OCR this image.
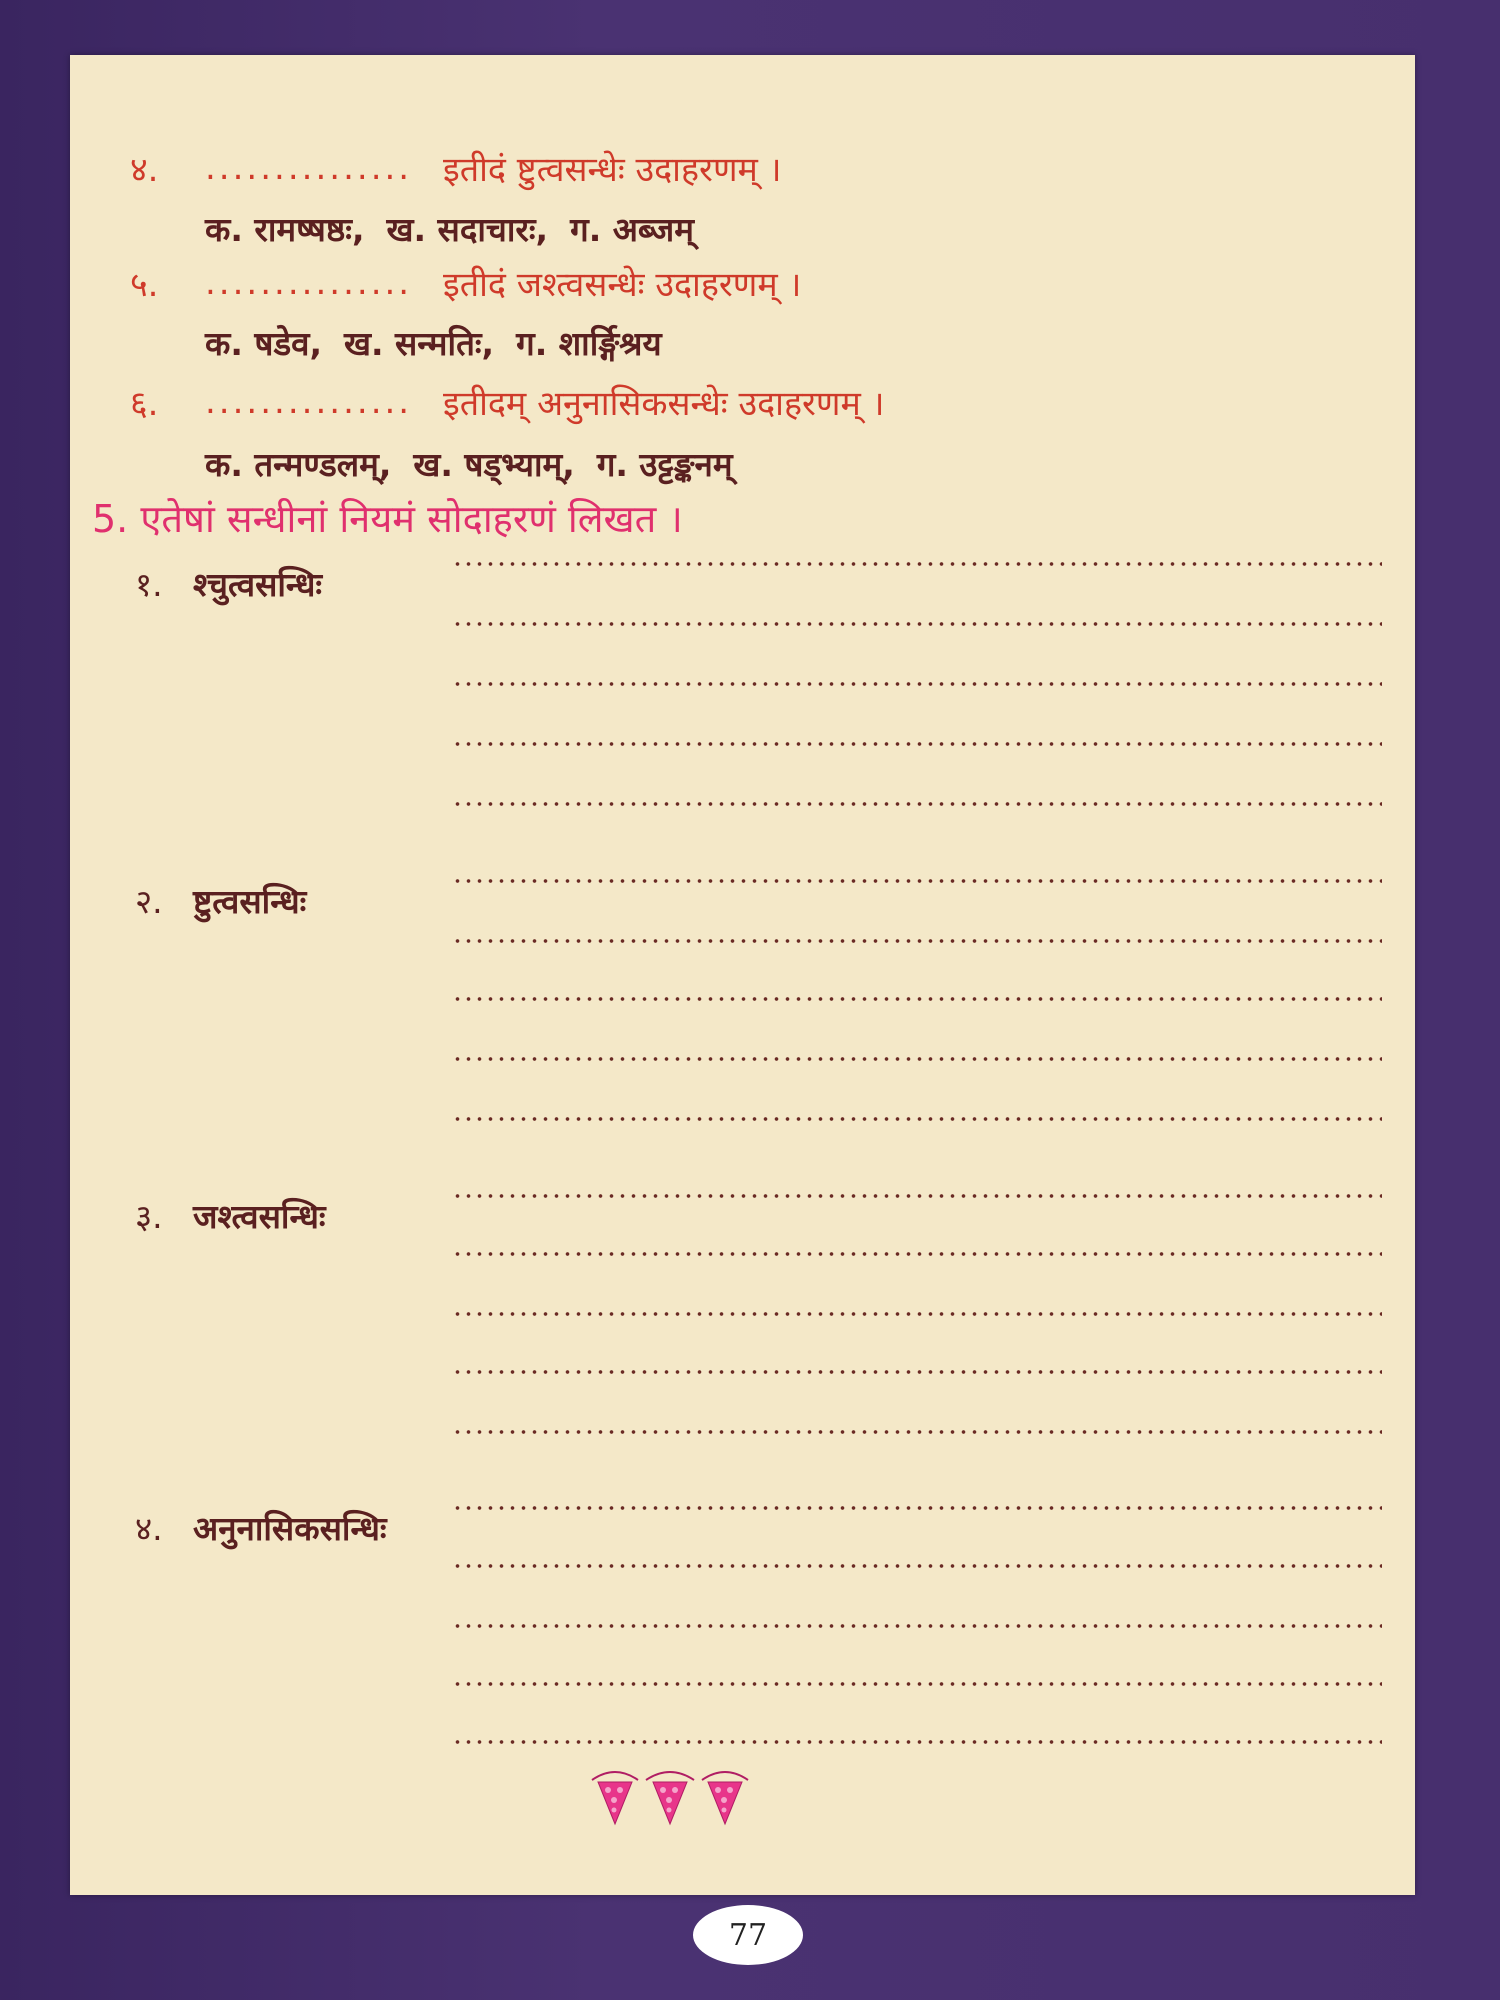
४.	............... इतीदं ष्टुत्वसन्धेः उदाहरणम् ।
क. रामष्षष्ठः, ख. सदाचारः, ग. अब्जम्
५.	............... इतीदं जश्त्वसन्धेः उदाहरणम् ।
क. षडेव, ख. सन्मतिः, ग. शार्ङ्गिश्रय
६.	............... इतीदम् अनुनासिकसन्धेः उदाहरणम् ।
क. तन्मण्डलम्, ख. षड्भ्याम्, ग. उट्टङ्कनम्
5. एतेषां सन्धीनां नियमं सोदाहरणं लिखत ।
१. श्चुत्वसन्धिः
२. ष्टुत्वसन्धिः
३. जश्त्वसन्धिः
४. अनुनासिकसन्धिः
77
